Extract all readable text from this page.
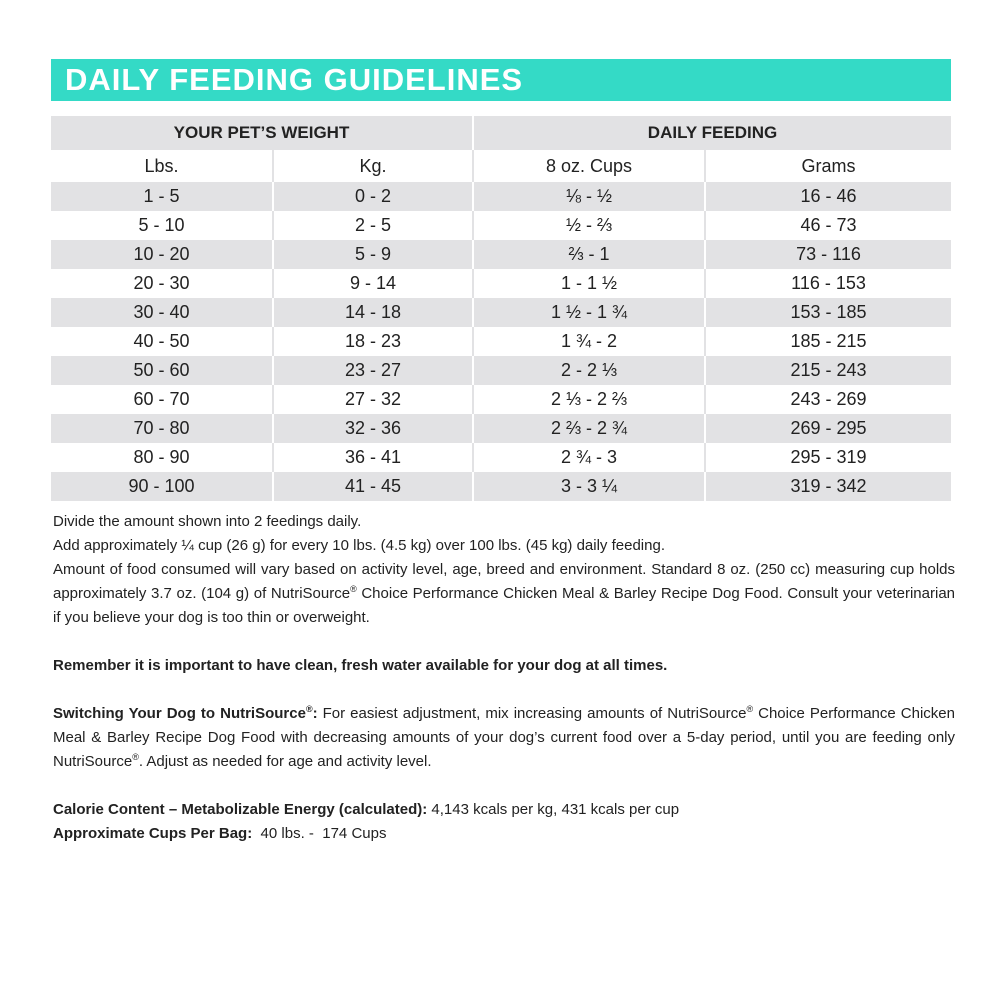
DAILY FEEDING GUIDELINES
YOUR PET’S WEIGHT		DAILY FEEDING	
Lbs.	Kg.	8 oz. Cups	Grams
1 - 5	0 - 2	⅛ - ½	16 - 46
5 - 10	2 - 5	½ - ⅔	46 - 73
10 - 20	5 - 9	⅔ - 1	73 - 116
20 - 30	9 - 14	1 - 1 ½	116 - 153
30 - 40	14 - 18	1 ½ - 1 ¾	153 - 185
40 - 50	18 - 23	1 ¾ - 2	185 - 215
50 - 60	23 - 27	2 - 2 ⅓	215 - 243
60 - 70	27 - 32	2 ⅓ - 2 ⅔	243 - 269
70 - 80	32 - 36	2 ⅔ - 2 ¾	269 - 295
80 - 90	36 - 41	2 ¾ - 3	295 - 319
90 - 100	41 - 45	3 - 3 ¼	319 - 342

Divide the amount shown into 2 feedings daily.

Add approximately ¼ cup (26 g) for every 10 lbs. (4.5 kg) over 100 lbs. (45 kg) daily feeding.

Amount of food consumed will vary based on activity level, age, breed and environment. Standard 8 oz. (250 cc) measuring cup holds approximately 3.7 oz. (104 g) of NutriSource® Choice Performance Chicken Meal & Barley Recipe Dog Food. Consult your veterinarian if you believe your dog is too thin or overweight.

Remember it is important to have clean, fresh water available for your dog at all times.

Switching Your Dog to NutriSource®: For easiest adjustment, mix increasing amounts of NutriSource® Choice Performance Chicken Meal & Barley Recipe Dog Food with decreasing amounts of your dog’s current food over a 5-day period, until you are feeding only NutriSource®. Adjust as needed for age and activity level.

Calorie Content – Metabolizable Energy (calculated): 4,143 kcals per kg, 431 kcals per cup

Approximate Cups Per Bag:  40 lbs. -  174 Cups
